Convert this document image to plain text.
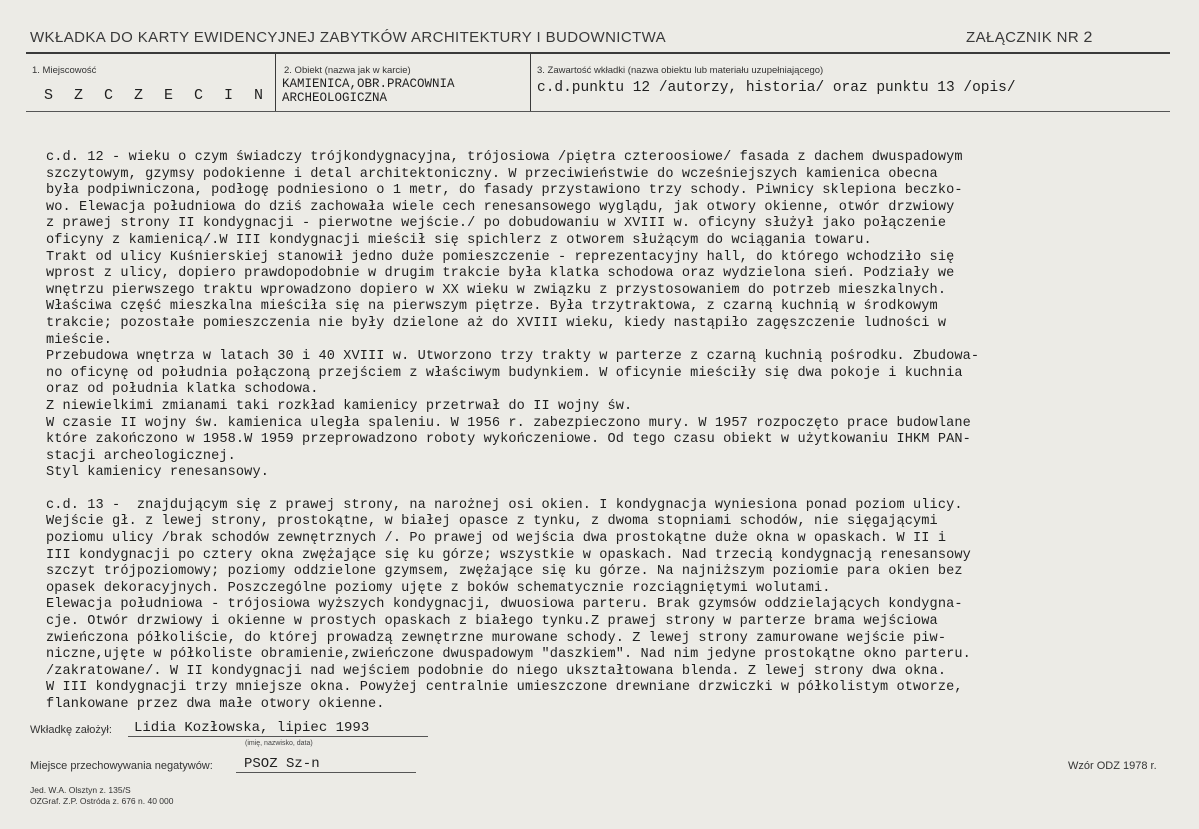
WKŁADKA DO KARTY EWIDENCYJNEJ ZABYTKÓW ARCHITEKTURY I BUDOWNICTWA	ZAŁĄCZNIK NR 2
1. Miejscowość
S Z C Z E C I N
2. Obiekt (nazwa jak w karcie)
KAMIENICA,OBR.PRACOWNIA
ARCHEOLOGICZNA
3. Zawartość wkładki (nazwa obiektu lub materiału uzupełniającego)
c.d.punktu 12 /autorzy, historia/ oraz punktu 13 /opis/
c.d. 12 - wieku o czym świadczy trójkondygnacyjna, trójosiowa /piętra czteroosiowe/ fasada z dachem dwuspadowym
szczytowym, gzymsy podokienne i detal architektoniczny. W przeciwieństwie do wcześniejszych kamienica obecna
była podpiwniczona, podłogę podniesiono o 1 metr, do fasady przystawiono trzy schody. Piwnicy sklepiona beczko-
wo. Elewacja południowa do dziś zachowała wiele cech renesansowego wyglądu, jak otwory okienne, otwór drzwiowy
z prawej strony II kondygnacji - pierwotne wejście./ po dobudowaniu w XVIII w. oficyny służył jako połączenie
oficyny z kamienicą/.W III kondygnacji mieścił się spichlerz z otworem służącym do wciągania towaru.
Trakt od ulicy Kuśnierskiej stanowił jedno duże pomieszczenie - reprezentacyjny hall, do którego wchodziło się
wprost z ulicy, dopiero prawdopodobnie w drugim trakcie była klatka schodowa oraz wydzielona sień. Podziały we
wnętrzu pierwszego traktu wprowadzono dopiero w XX wieku w związku z przystosowaniem do potrzeb mieszkalnych.
Właściwa część mieszkalna mieściła się na pierwszym piętrze. Była trzytraktowa, z czarną kuchnią w środkowym
trakcie; pozostałe pomieszczenia nie były dzielone aż do XVIII wieku, kiedy nastąpiło zagęszczenie ludności w
mieście.
Przebudowa wnętrza w latach 30 i 40 XVIII w. Utworzono trzy trakty w parterze z czarną kuchnią pośrodku. Zbudowa-
no oficynę od południa połączoną przejściem z właściwym budynkiem. W oficynie mieściły się dwa pokoje i kuchnia
oraz od południa klatka schodowa.
Z niewielkimi zmianami taki rozkład kamienicy przetrwał do II wojny św.
W czasie II wojny św. kamienica uległa spaleniu. W 1956 r. zabezpieczono mury. W 1957 rozpoczęto prace budowlane
które zakończono w 1958.W 1959 przeprowadzono roboty wykończeniowe. Od tego czasu obiekt w użytkowaniu IHKM PAN-
stacji archeologicznej.
Styl kamienicy renesansowy.
c.d. 13 -  znajdującym się z prawej strony, na narożnej osi okien. I kondygnacja wyniesiona ponad poziom ulicy.
Wejście gł. z lewej strony, prostokątne, w białej opasce z tynku, z dwoma stopniami schodów, nie sięgającymi
poziomu ulicy /brak schodów zewnętrznych /. Po prawej od wejścia dwa prostokątne duże okna w opaskach. W II i
III kondygnacji po cztery okna zwężające się ku górze; wszystkie w opaskach. Nad trzecią kondygnacją renesansowy
szczyt trójpoziomowy; poziomy oddzielone gzymsem, zwężające się ku górze. Na najniższym poziomie para okien bez
opasek dekoracyjnych. Poszczególne poziomy ujęte z boków schematycznie rozciągniętymi wolutami.
Elewacja południowa - trójosiowa wyższych kondygnacji, dwuosiowa parteru. Brak gzymsów oddzielających kondygna-
cje. Otwór drzwiowy i okienne w prostych opaskach z białego tynku.Z prawej strony w parterze brama wejściowa
zwieńczona półkoliście, do której prowadzą zewnętrzne murowane schody. Z lewej strony zamurowane wejście piw-
niczne,ujęte w półkoliste obramienie,zwieńczone dwuspadowym "daszkiem". Nad nim jedyne prostokątne okno parteru.
/zakratowane/. W II kondygnacji nad wejściem podobnie do niego ukształtowana blenda. Z lewej strony dwa okna.
W III kondygnacji trzy mniejsze okna. Powyżej centralnie umieszczone drewniane drzwiczki w półkolistym otworze,
flankowane przez dwa małe otwory okienne.
Wkładkę założył: Lidia Kozłowska, lipiec 1993
(imię, nazwisko, data)
Miejsce przechowywania negatywów: PSOZ Sz-n	Wzór ODZ 1978 r.
Jed. W.A. Olsztyn z. 135/S
OZGraf. Z.P. Ostróda z. 676 n. 40 000
